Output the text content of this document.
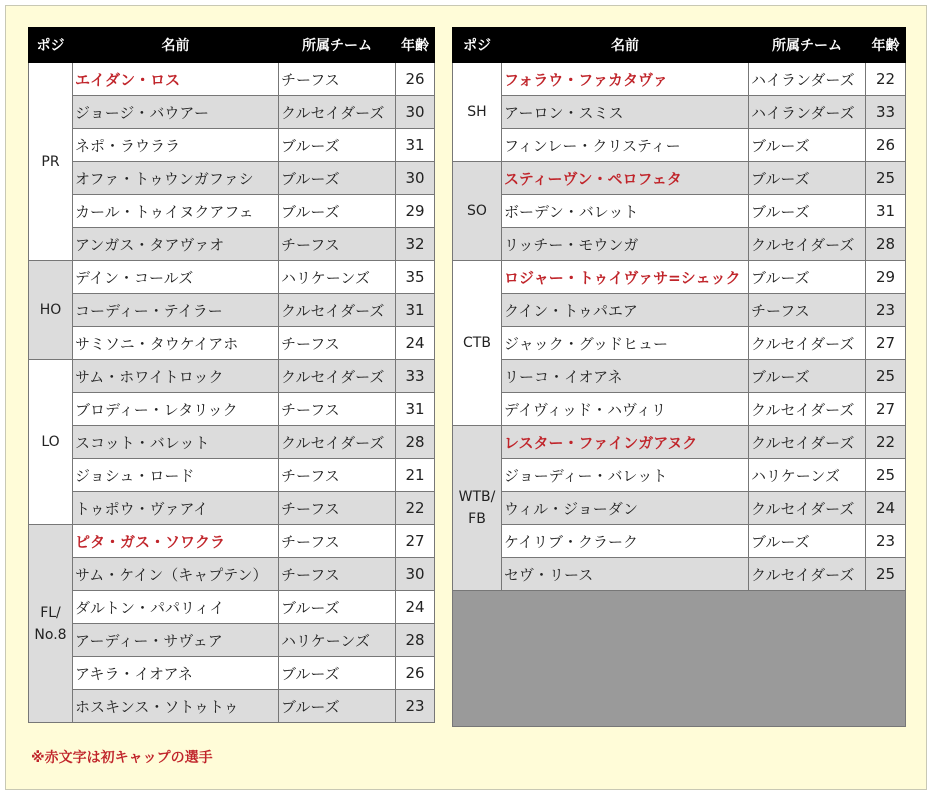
ポジ	名前	所属チーム	年齢
PR	エイダン・ロス	チーフス	26
	ジョージ・バウアー	クルセイダーズ	30
	ネポ・ラウララ	ブルーズ	31
	オファ・トゥウンガファシ	ブルーズ	30
	カール・トゥイヌクアフェ	ブルーズ	29
	アンガス・タアヴァオ	チーフス	32
HO	デイン・コールズ	ハリケーンズ	35
	コーディー・テイラー	クルセイダーズ	31
	サミソニ・タウケイアホ	チーフス	24
LO	サム・ホワイトロック	クルセイダーズ	33
	ブロディー・レタリック	チーフス	31
	スコット・バレット	クルセイダーズ	28
	ジョシュ・ロード	チーフス	21
	トゥポウ・ヴァアイ	チーフス	22
FL/ No.8	ピタ・ガス・ソワクラ	チーフス	27
	サム・ケイン（キャプテン）	チーフス	30
	ダルトン・パパリィイ	ブルーズ	24
	アーディー・サヴェア	ハリケーンズ	28
	アキラ・イオアネ	ブルーズ	26
	ホスキンス・ソトゥトゥ	ブルーズ	23
ポジ	名前	所属チーム	年齢
SH	フォラウ・ファカタヴァ	ハイランダーズ	22
	アーロン・スミス	ハイランダーズ	33
	フィンレー・クリスティー	ブルーズ	26
SO	スティーヴン・ペロフェタ	ブルーズ	25
	ボーデン・バレット	ブルーズ	31
	リッチー・モウンガ	クルセイダーズ	28
CTB	ロジャー・トゥイヴァサ=シェック	ブルーズ	29
	クイン・トゥパエア	チーフス	23
	ジャック・グッドヒュー	クルセイダーズ	27
	リーコ・イオアネ	ブルーズ	25
	デイヴィッド・ハヴィリ	クルセイダーズ	27
WTB/ FB	レスター・ファインガアヌク	クルセイダーズ	22
	ジョーディー・バレット	ハリケーンズ	25
	ウィル・ジョーダン	クルセイダーズ	24
	ケイリブ・クラーク	ブルーズ	23
	セヴ・リース	クルセイダーズ	25

※赤文字は初キャップの選手
